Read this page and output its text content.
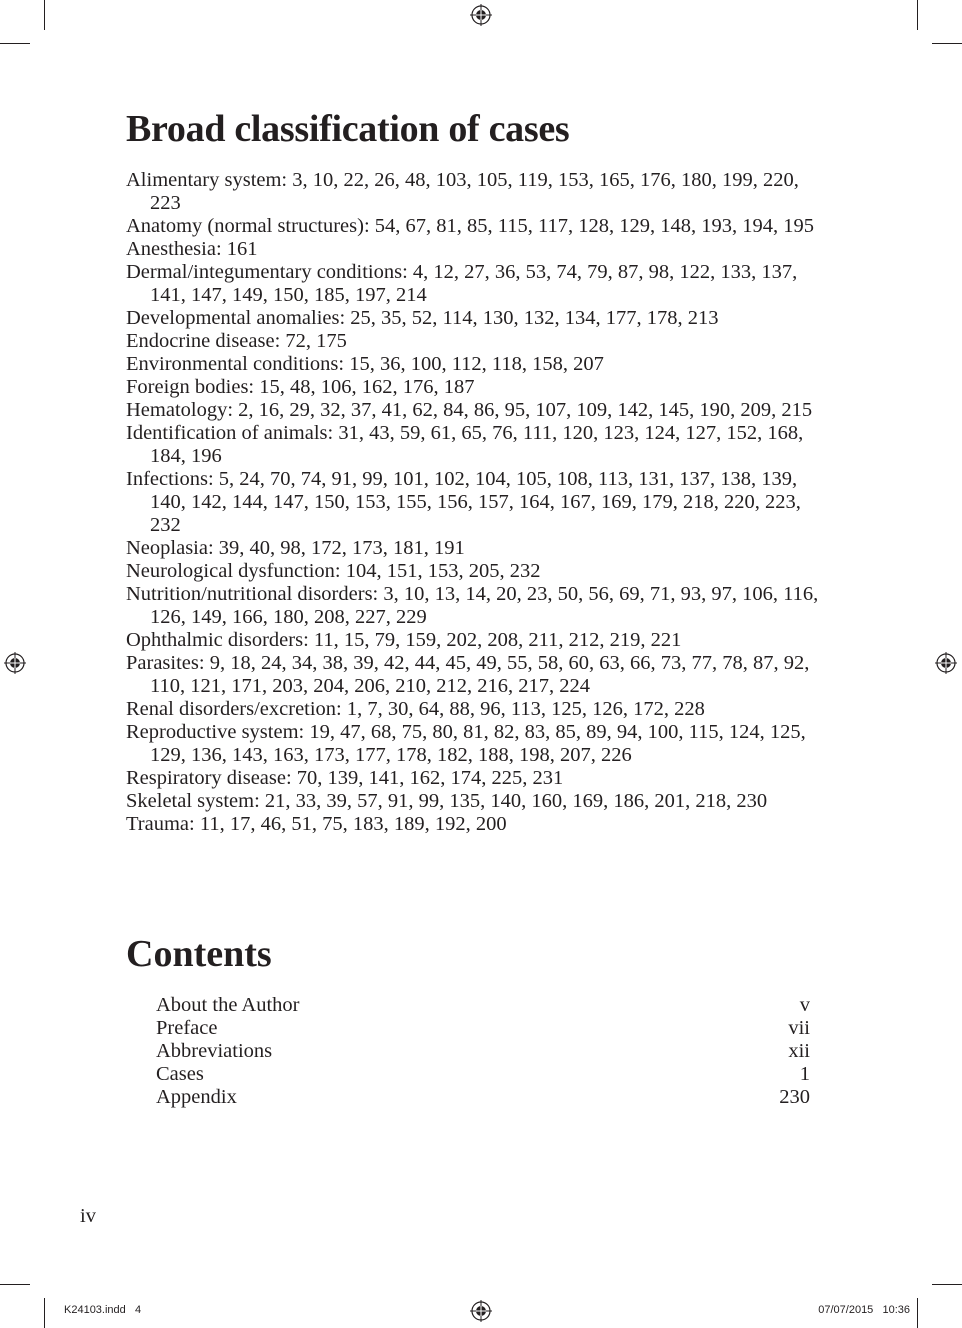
Broad classification of cases
Alimentary system: 3, 10, 22, 26, 48, 103, 105, 119, 153, 165, 176, 180, 199, 220, 223
Anatomy (normal structures): 54, 67, 81, 85, 115, 117, 128, 129, 148, 193, 194, 195
Anesthesia: 161
Dermal/integumentary conditions: 4, 12, 27, 36, 53, 74, 79, 87, 98, 122, 133, 137, 141, 147, 149, 150, 185, 197, 214
Developmental anomalies: 25, 35, 52, 114, 130, 132, 134, 177, 178, 213
Endocrine disease: 72, 175
Environmental conditions: 15, 36, 100, 112, 118, 158, 207
Foreign bodies: 15, 48, 106, 162, 176, 187
Hematology: 2, 16, 29, 32, 37, 41, 62, 84, 86, 95, 107, 109, 142, 145, 190, 209, 215
Identification of animals: 31, 43, 59, 61, 65, 76, 111, 120, 123, 124, 127, 152, 168, 184, 196
Infections: 5, 24, 70, 74, 91, 99, 101, 102, 104, 105, 108, 113, 131, 137, 138, 139, 140, 142, 144, 147, 150, 153, 155, 156, 157, 164, 167, 169, 179, 218, 220, 223, 232
Neoplasia: 39, 40, 98, 172, 173, 181, 191
Neurological dysfunction: 104, 151, 153, 205, 232
Nutrition/nutritional disorders: 3, 10, 13, 14, 20, 23, 50, 56, 69, 71, 93, 97, 106, 116, 126, 149, 166, 180, 208, 227, 229
Ophthalmic disorders: 11, 15, 79, 159, 202, 208, 211, 212, 219, 221
Parasites: 9, 18, 24, 34, 38, 39, 42, 44, 45, 49, 55, 58, 60, 63, 66, 73, 77, 78, 87, 92, 110, 121, 171, 203, 204, 206, 210, 212, 216, 217, 224
Renal disorders/excretion: 1, 7, 30, 64, 88, 96, 113, 125, 126, 172, 228
Reproductive system: 19, 47, 68, 75, 80, 81, 82, 83, 85, 89, 94, 100, 115, 124, 125, 129, 136, 143, 163, 173, 177, 178, 182, 188, 198, 207, 226
Respiratory disease: 70, 139, 141, 162, 174, 225, 231
Skeletal system: 21, 33, 39, 57, 91, 99, 135, 140, 160, 169, 186, 201, 218, 230
Trauma: 11, 17, 46, 51, 75, 183, 189, 192, 200
Contents
About the Author	v
Preface	vii
Abbreviations	xii
Cases	1
Appendix	230
iv
K24103.indd   4	07/07/2015   10:36
